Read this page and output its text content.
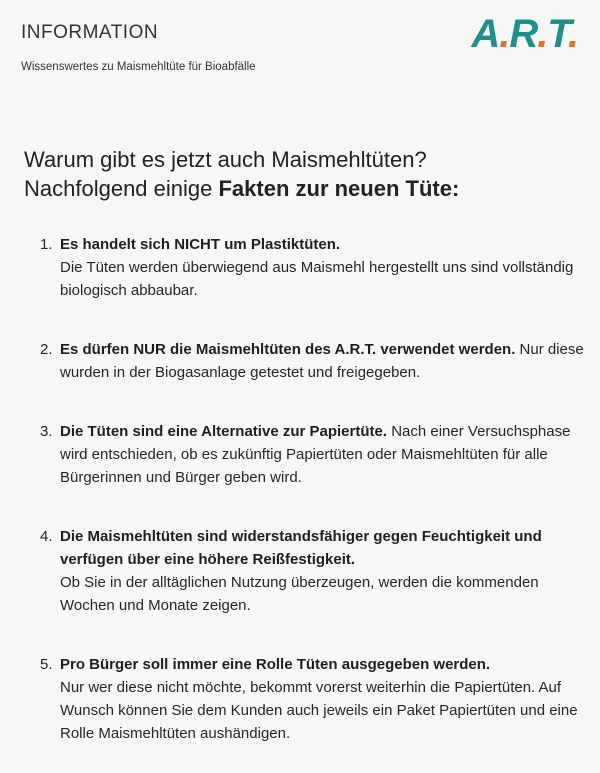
INFORMATION
Wissenswertes zu Maismehltüte für Bioabfälle
A.R.T.
Warum gibt es jetzt auch Maismehltüten?
Nachfolgend einige Fakten zur neuen Tüte:
1. Es handelt sich NICHT um Plastiktüten.
Die Tüten werden überwiegend aus Maismehl hergestellt uns sind vollständig biologisch abbaubar.
2. Es dürfen NUR die Maismehltüten des A.R.T. verwendet werden. Nur diese wurden in der Biogasanlage getestet und freigegeben.
3. Die Tüten sind eine Alternative zur Papiertüte. Nach einer Versuchsphase wird entschieden, ob es zukünftig Papiertüten oder Maismehltüten für alle Bürgerinnen und Bürger geben wird.
4. Die Maismehltüten sind widerstandsfähiger gegen Feuchtigkeit und verfügen über eine höhere Reißfestigkeit.
Ob Sie in der alltäglichen Nutzung überzeugen, werden die kommenden Wochen und Monate zeigen.
5. Pro Bürger soll immer eine Rolle Tüten ausgegeben werden.
Nur wer diese nicht möchte, bekommt vorerst weiterhin die Papiertüten. Auf Wunsch können Sie dem Kunden auch jeweils ein Paket Papiertüten und eine Rolle Maismehltüten aushändigen.
